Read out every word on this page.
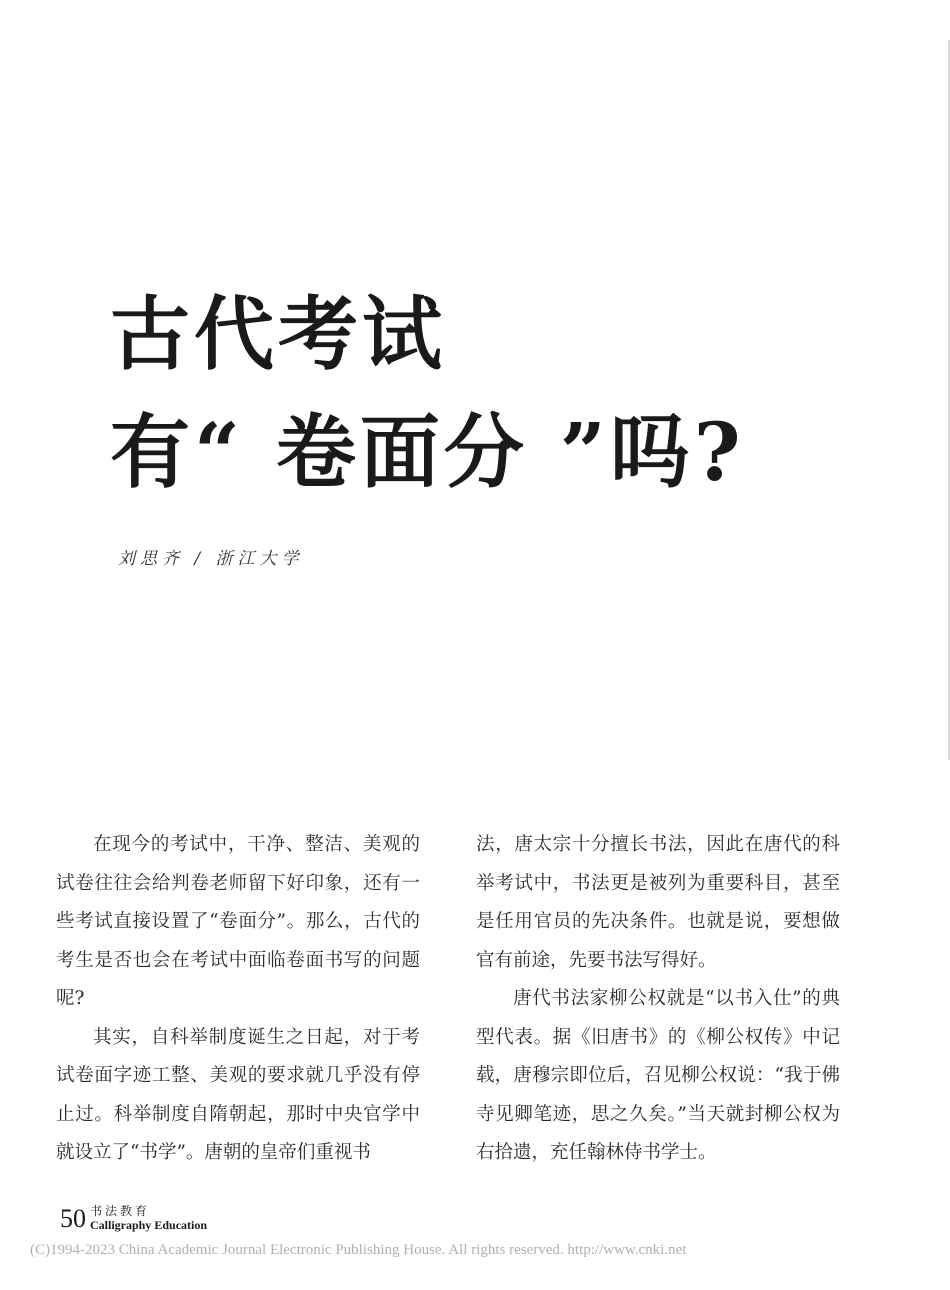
古代考试
有“ 卷面分 ”吗?
刘思齐 / 浙江大学

在现今的考试中，干净、整洁、美观的试卷往往会给判卷老师留下好印象，还有一些考试直接设置了“卷面分”。那么，古代的考生是否也会在考试中面临卷面书写的问题呢?

其实，自科举制度诞生之日起，对于考试卷面字迹工整、美观的要求就几乎没有停止过。科举制度自隋朝起，那时中央官学中就设立了“书学”。唐朝的皇帝们重视书

法，唐太宗十分擅长书法，因此在唐代的科举考试中，书法更是被列为重要科目，甚至是任用官员的先决条件。也就是说，要想做官有前途，先要书法写得好。

唐代书法家柳公权就是“以书入仕”的典型代表。据《旧唐书》的《柳公权传》中记载，唐穆宗即位后，召见柳公权说：“我于佛寺见卿笔迹，思之久矣。”当天就封柳公权为右拾遗，充任翰林侍书学士。

50 书法教育
Calligraphy Education
(C)1994-2023 China Academic Journal Electronic Publishing House. All rights reserved. http://www.cnki.net
